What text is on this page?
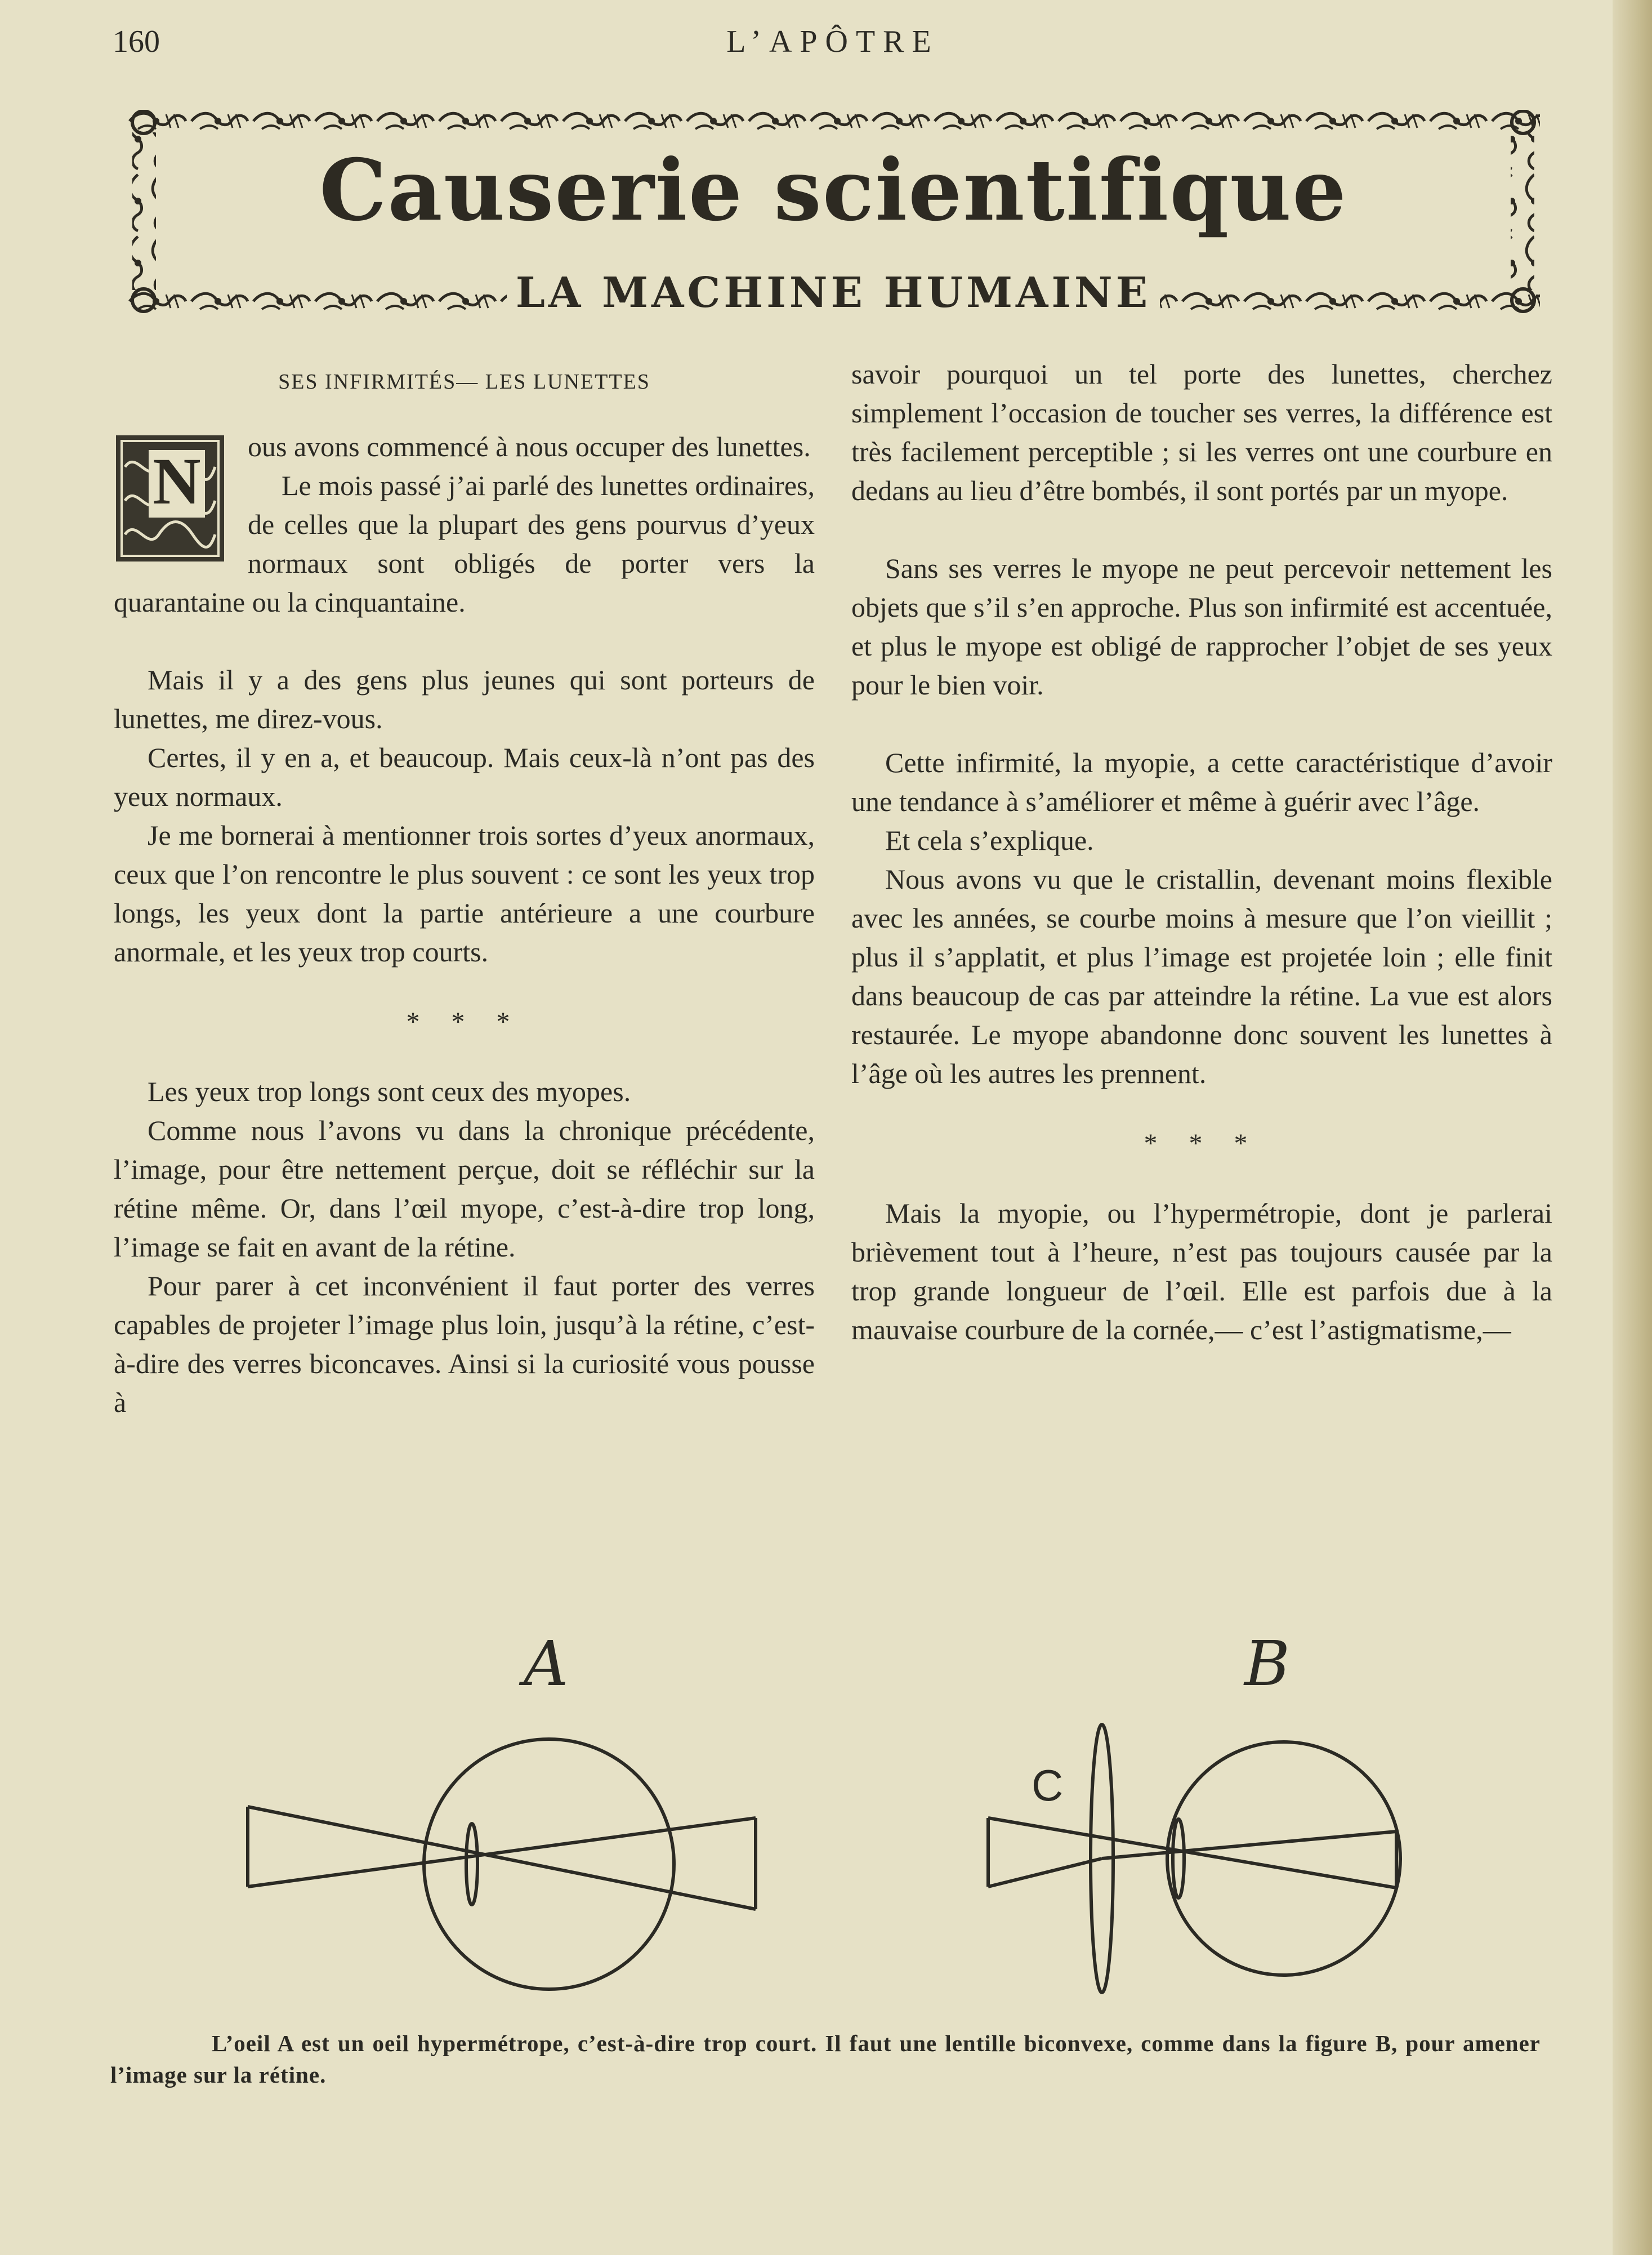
160	L’APÔTRE
Causerie scientifique
LA MACHINE HUMAINE
SES INFIRMITÉS— LES LUNETTES
N	ous avons commencé à nous occuper des lunettes.

Le mois passé j’ai parlé des lunettes ordinaires, de celles que la plupart des gens pourvus d’yeux normaux sont obligés de porter vers la quarantaine ou la cinquantaine.

Mais il y a des gens plus jeunes qui sont porteurs de lunettes, me direz-vous.

Certes, il y en a, et beaucoup. Mais ceux-là n’ont pas des yeux normaux.

Je me bornerai à mentionner trois sortes d’yeux anormaux, ceux que l’on rencontre le plus souvent : ce sont les yeux trop longs, les yeux dont la partie antérieure a une courbure anormale, et les yeux trop courts.

* * *

Les yeux trop longs sont ceux des myopes.

Comme nous l’avons vu dans la chronique précédente, l’image, pour être nettement perçue, doit se réfléchir sur la rétine même. Or, dans l’œil myope, c’est-à-dire trop long, l’image se fait en avant de la rétine.

Pour parer à cet inconvénient il faut porter des verres capables de projeter l’image plus loin, jusqu’à la rétine, c’est-à-dire des verres biconcaves. Ainsi si la curiosité vous pousse à

savoir pourquoi un tel porte des lunettes, cherchez simplement l’occasion de toucher ses verres, la différence est très facilement perceptible ; si les verres ont une courbure en dedans au lieu d’être bombés, il sont portés par un myope.

Sans ses verres le myope ne peut percevoir nettement les objets que s’il s’en approche. Plus son infirmité est accentuée, et plus le myope est obligé de rapprocher l’objet de ses yeux pour le bien voir.

Cette infirmité, la myopie, a cette caractéristique d’avoir une tendance à s’améliorer et même à guérir avec l’âge.

Et cela s’explique.

Nous avons vu que le cristallin, devenant moins flexible avec les années, se courbe moins à mesure que l’on vieillit ; plus il s’applatit, et plus l’image est projetée loin ; elle finit dans beaucoup de cas par atteindre la rétine. La vue est alors restaurée. Le myope abandonne donc souvent les lunettes à l’âge où les autres les prennent.

* * *

Mais la myopie, ou l’hypermétropie, dont je parlerai brièvement tout à l’heure, n’est pas toujours causée par la trop grande longueur de l’œil. Elle est parfois due à la mauvaise courbure de la cornée,— c’est l’astigmatisme,—

A	B
C
L’oeil A est un oeil hypermétrope, c’est-à-dire trop court. Il faut une lentille biconvexe, comme dans la figure B, pour amener l’image sur la rétine.
